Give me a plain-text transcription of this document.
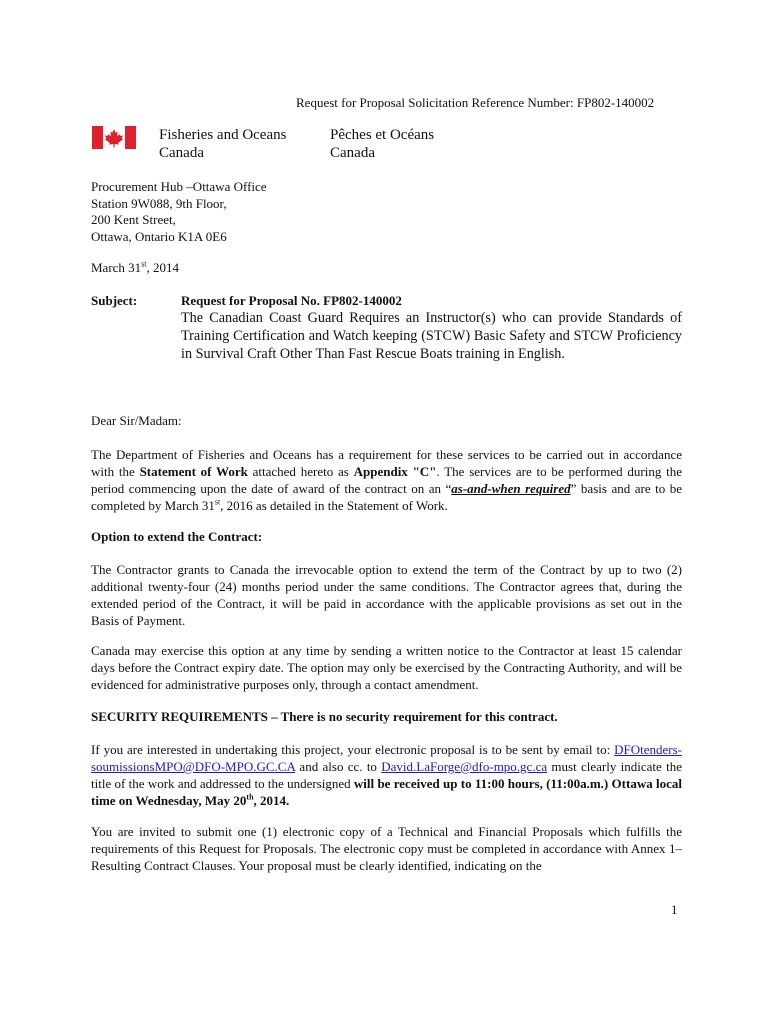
Request for Proposal Solicitation Reference Number: FP802-140002
Fisheries and Oceans
Canada
Pêches et Océans
Canada
Procurement Hub –Ottawa Office
Station 9W088, 9th Floor,
200 Kent Street,
Ottawa, Ontario K1A 0E6
March 31st, 2014
Subject:	Request for Proposal No. FP802-140002
The Canadian Coast Guard Requires an Instructor(s) who can provide Standards of Training Certification and Watch keeping (STCW) Basic Safety and STCW Proficiency in Survival Craft Other Than Fast Rescue Boats training in English.
Dear Sir/Madam:
The Department of Fisheries and Oceans has a requirement for these services to be carried out in accordance with the Statement of Work attached hereto as Appendix "C". The services are to be performed during the period commencing upon the date of award of the contract on an “as-and-when required” basis and are to be completed by March 31st, 2016 as detailed in the Statement of Work.
Option to extend the Contract:
The Contractor grants to Canada the irrevocable option to extend the term of the Contract by up to two (2) additional twenty-four (24) months period under the same conditions. The Contractor agrees that, during the extended period of the Contract, it will be paid in accordance with the applicable provisions as set out in the Basis of Payment.
Canada may exercise this option at any time by sending a written notice to the Contractor at least 15 calendar days before the Contract expiry date. The option may only be exercised by the Contracting Authority, and will be evidenced for administrative purposes only, through a contact amendment.
SECURITY REQUIREMENTS – There is no security requirement for this contract.
If you are interested in undertaking this project, your electronic proposal is to be sent by email to: DFOtenders-soumissionsMPO@DFO-MPO.GC.CA and also cc. to David.LaForge@dfo-mpo.gc.ca must clearly indicate the title of the work and addressed to the undersigned will be received up to 11:00 hours, (11:00a.m.) Ottawa local time on Wednesday, May 20th, 2014.
You are invited to submit one (1) electronic copy of a Technical and Financial Proposals which fulfills the requirements of this Request for Proposals. The electronic copy must be completed in accordance with Annex 1–Resulting Contract Clauses. Your proposal must be clearly identified, indicating on the
1
